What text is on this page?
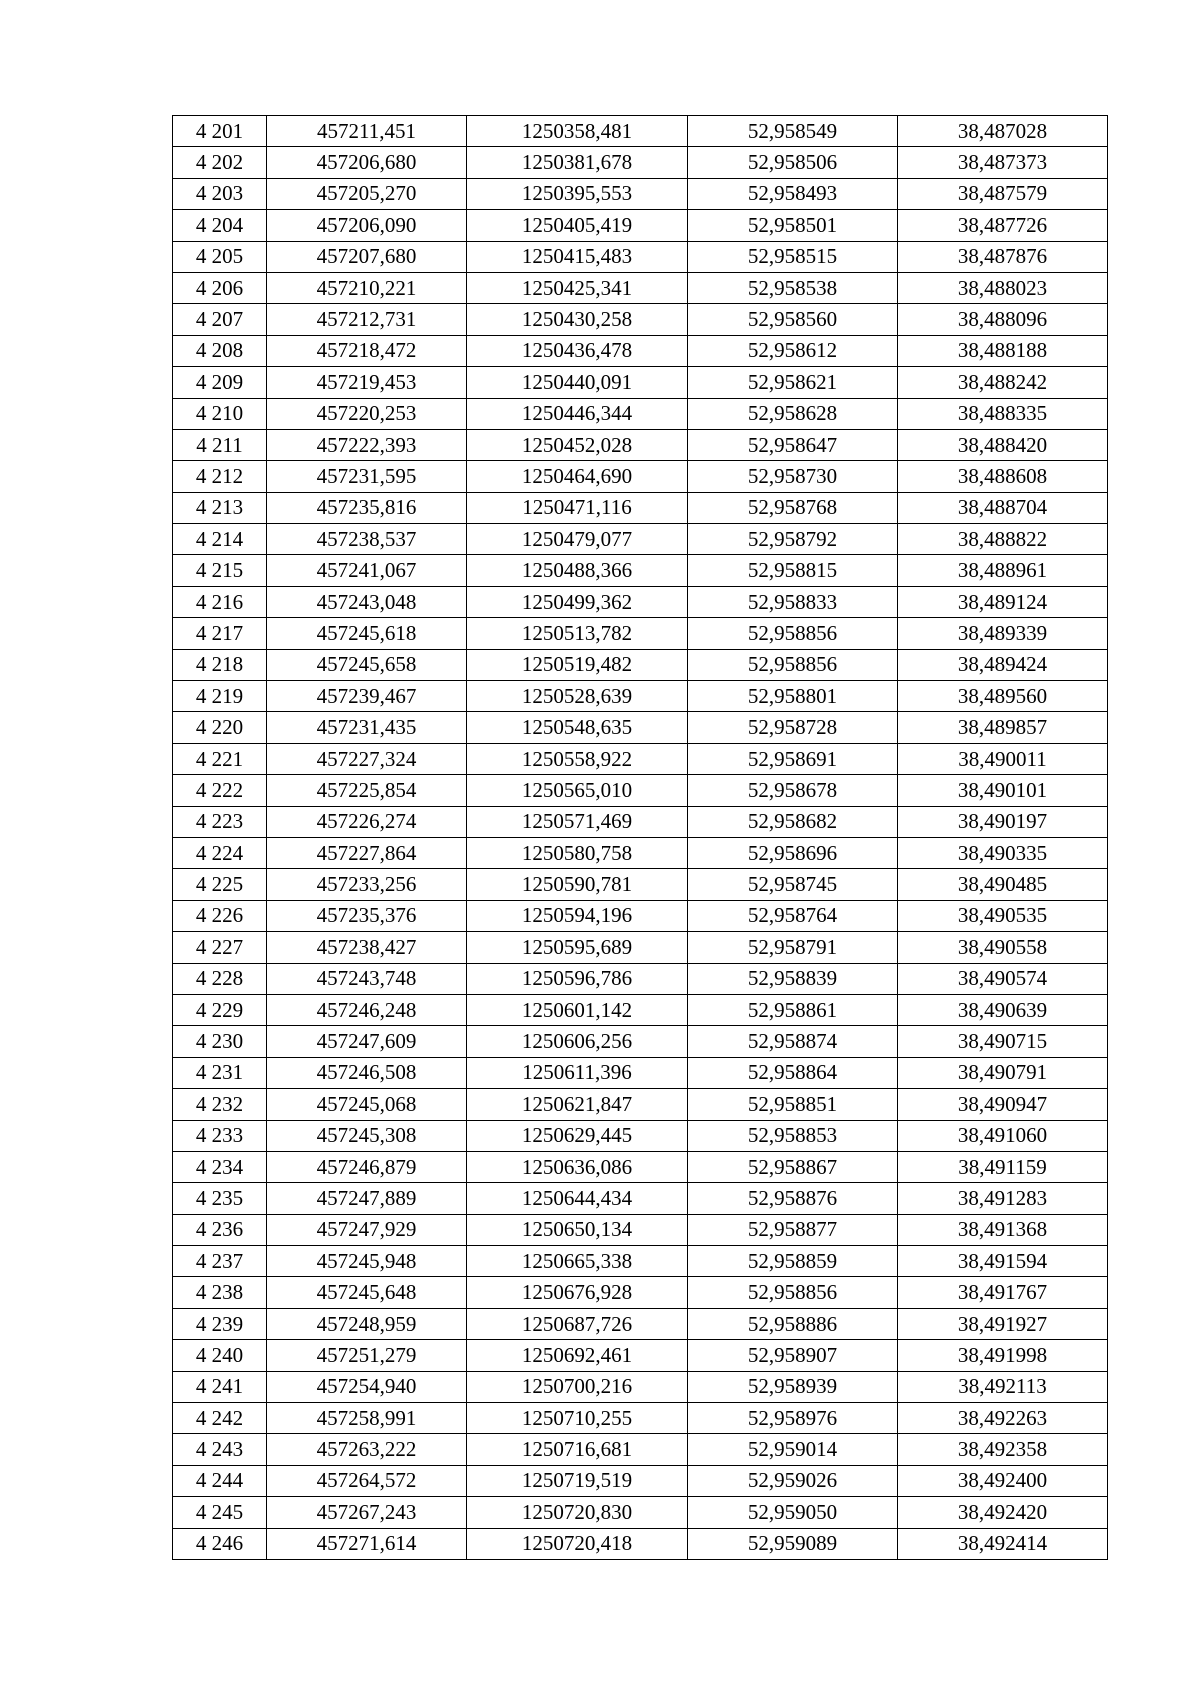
4 201	457211,451	1250358,481	52,958549	38,487028
4 202	457206,680	1250381,678	52,958506	38,487373
4 203	457205,270	1250395,553	52,958493	38,487579
4 204	457206,090	1250405,419	52,958501	38,487726
4 205	457207,680	1250415,483	52,958515	38,487876
4 206	457210,221	1250425,341	52,958538	38,488023
4 207	457212,731	1250430,258	52,958560	38,488096
4 208	457218,472	1250436,478	52,958612	38,488188
4 209	457219,453	1250440,091	52,958621	38,488242
4 210	457220,253	1250446,344	52,958628	38,488335
4 211	457222,393	1250452,028	52,958647	38,488420
4 212	457231,595	1250464,690	52,958730	38,488608
4 213	457235,816	1250471,116	52,958768	38,488704
4 214	457238,537	1250479,077	52,958792	38,488822
4 215	457241,067	1250488,366	52,958815	38,488961
4 216	457243,048	1250499,362	52,958833	38,489124
4 217	457245,618	1250513,782	52,958856	38,489339
4 218	457245,658	1250519,482	52,958856	38,489424
4 219	457239,467	1250528,639	52,958801	38,489560
4 220	457231,435	1250548,635	52,958728	38,489857
4 221	457227,324	1250558,922	52,958691	38,490011
4 222	457225,854	1250565,010	52,958678	38,490101
4 223	457226,274	1250571,469	52,958682	38,490197
4 224	457227,864	1250580,758	52,958696	38,490335
4 225	457233,256	1250590,781	52,958745	38,490485
4 226	457235,376	1250594,196	52,958764	38,490535
4 227	457238,427	1250595,689	52,958791	38,490558
4 228	457243,748	1250596,786	52,958839	38,490574
4 229	457246,248	1250601,142	52,958861	38,490639
4 230	457247,609	1250606,256	52,958874	38,490715
4 231	457246,508	1250611,396	52,958864	38,490791
4 232	457245,068	1250621,847	52,958851	38,490947
4 233	457245,308	1250629,445	52,958853	38,491060
4 234	457246,879	1250636,086	52,958867	38,491159
4 235	457247,889	1250644,434	52,958876	38,491283
4 236	457247,929	1250650,134	52,958877	38,491368
4 237	457245,948	1250665,338	52,958859	38,491594
4 238	457245,648	1250676,928	52,958856	38,491767
4 239	457248,959	1250687,726	52,958886	38,491927
4 240	457251,279	1250692,461	52,958907	38,491998
4 241	457254,940	1250700,216	52,958939	38,492113
4 242	457258,991	1250710,255	52,958976	38,492263
4 243	457263,222	1250716,681	52,959014	38,492358
4 244	457264,572	1250719,519	52,959026	38,492400
4 245	457267,243	1250720,830	52,959050	38,492420
4 246	457271,614	1250720,418	52,959089	38,492414
